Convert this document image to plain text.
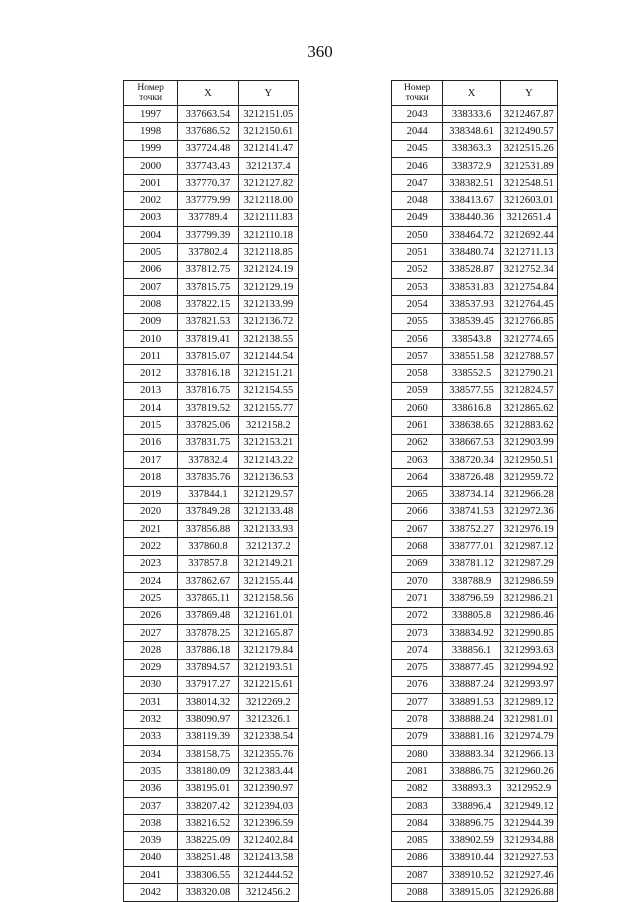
360
Номер
точки	X	Y
1997	337663.54	3212151.05
1998	337686.52	3212150.61
1999	337724.48	3212141.47
2000	337743.43	3212137.4
2001	337770.37	3212127.82
2002	337779.99	3212118.00
2003	337789.4	3212111.83
2004	337799.39	3212110.18
2005	337802.4	3212118.85
2006	337812.75	3212124.19
2007	337815.75	3212129.19
2008	337822.15	3212133.99
2009	337821.53	3212136.72
2010	337819.41	3212138.55
2011	337815.07	3212144.54
2012	337816.18	3212151.21
2013	337816.75	3212154.55
2014	337819.52	3212155.77
2015	337825.06	3212158.2
2016	337831.75	3212153.21
2017	337832.4	3212143.22
2018	337835.76	3212136.53
2019	337844.1	3212129.57
2020	337849.28	3212133.48
2021	337856.88	3212133.93
2022	337860.8	3212137.2
2023	337857.8	3212149.21
2024	337862.67	3212155.44
2025	337865.11	3212158.56
2026	337869.48	3212161.01
2027	337878.25	3212165.87
2028	337886.18	3212179.84
2029	337894.57	3212193.51
2030	337917.27	3212215.61
2031	338014.32	3212269.2
2032	338090.97	3212326.1
2033	338119.39	3212338.54
2034	338158.75	3212355.76
2035	338180.09	3212383.44
2036	338195.01	3212390.97
2037	338207.42	3212394.03
2038	338216.52	3212396.59
2039	338225.09	3212402.84
2040	338251.48	3212413.58
2041	338306.55	3212444.52
2042	338320.08	3212456.2
Номер
точки	X	Y
2043	338333.6	3212467.87
2044	338348.61	3212490.57
2045	338363.3	3212515.26
2046	338372.9	3212531.89
2047	338382.51	3212548.51
2048	338413.67	3212603.01
2049	338440.36	3212651.4
2050	338464.72	3212692.44
2051	338480.74	3212711.13
2052	338528.87	3212752.34
2053	338531.83	3212754.84
2054	338537.93	3212764.45
2055	338539.45	3212766.85
2056	338543.8	3212774.65
2057	338551.58	3212788.57
2058	338552.5	3212790.21
2059	338577.55	3212824.57
2060	338616.8	3212865.62
2061	338638.65	3212883.62
2062	338667.53	3212903.99
2063	338720.34	3212950.51
2064	338726.48	3212959.72
2065	338734.14	3212966.28
2066	338741.53	3212972.36
2067	338752.27	3212976.19
2068	338777.01	3212987.12
2069	338781.12	3212987.29
2070	338788.9	3212986.59
2071	338796.59	3212986.21
2072	338805.8	3212986.46
2073	338834.92	3212990.85
2074	338856.1	3212993.63
2075	338877.45	3212994.92
2076	338887.24	3212993.97
2077	338891.53	3212989.12
2078	338888.24	3212981.01
2079	338881.16	3212974.79
2080	338883.34	3212966.13
2081	338886.75	3212960.26
2082	338893.3	3212952.9
2083	338896.4	3212949.12
2084	338896.75	3212944.39
2085	338902.59	3212934.88
2086	338910.44	3212927.53
2087	338910.52	3212927.46
2088	338915.05	3212926.88
